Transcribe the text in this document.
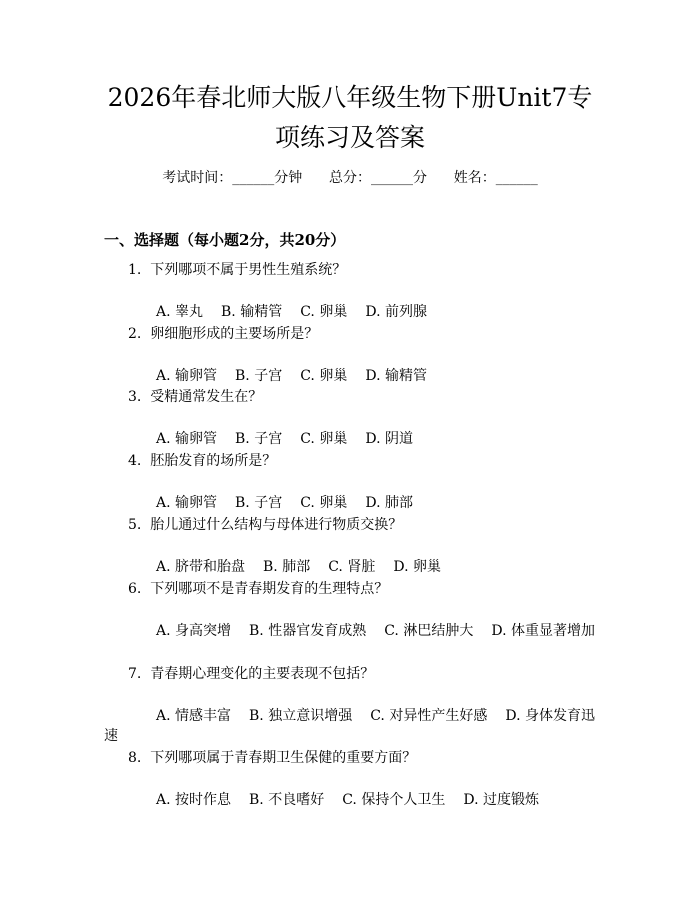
2026年春北师大版八年级生物下册Unit7专项练习及答案
考试时间：______分钟      总分：______分      姓名：______
一、选择题（每小题2分，共20分）
1. 下列哪项不属于男性生殖系统？
A. 睾丸 B. 输精管 C. 卵巢 D. 前列腺
2. 卵细胞形成的主要场所是？
A. 输卵管 B. 子宫 C. 卵巢 D. 输精管
3. 受精通常发生在？
A. 输卵管 B. 子宫 C. 卵巢 D. 阴道
4. 胚胎发育的场所是？
A. 输卵管 B. 子宫 C. 卵巢 D. 肺部
5. 胎儿通过什么结构与母体进行物质交换？
A. 脐带和胎盘 B. 肺部 C. 肾脏 D. 卵巢
6. 下列哪项不是青春期发育的生理特点？
A. 身高突增 B. 性器官发育成熟 C. 淋巴结肿大 D. 体重显著增加
7. 青春期心理变化的主要表现不包括？
A. 情感丰富 B. 独立意识增强 C. 对异性产生好感 D. 身体发育迅速
8. 下列哪项属于青春期卫生保健的重要方面？
A. 按时作息 B. 不良嗜好 C. 保持个人卫生 D. 过度锻炼
